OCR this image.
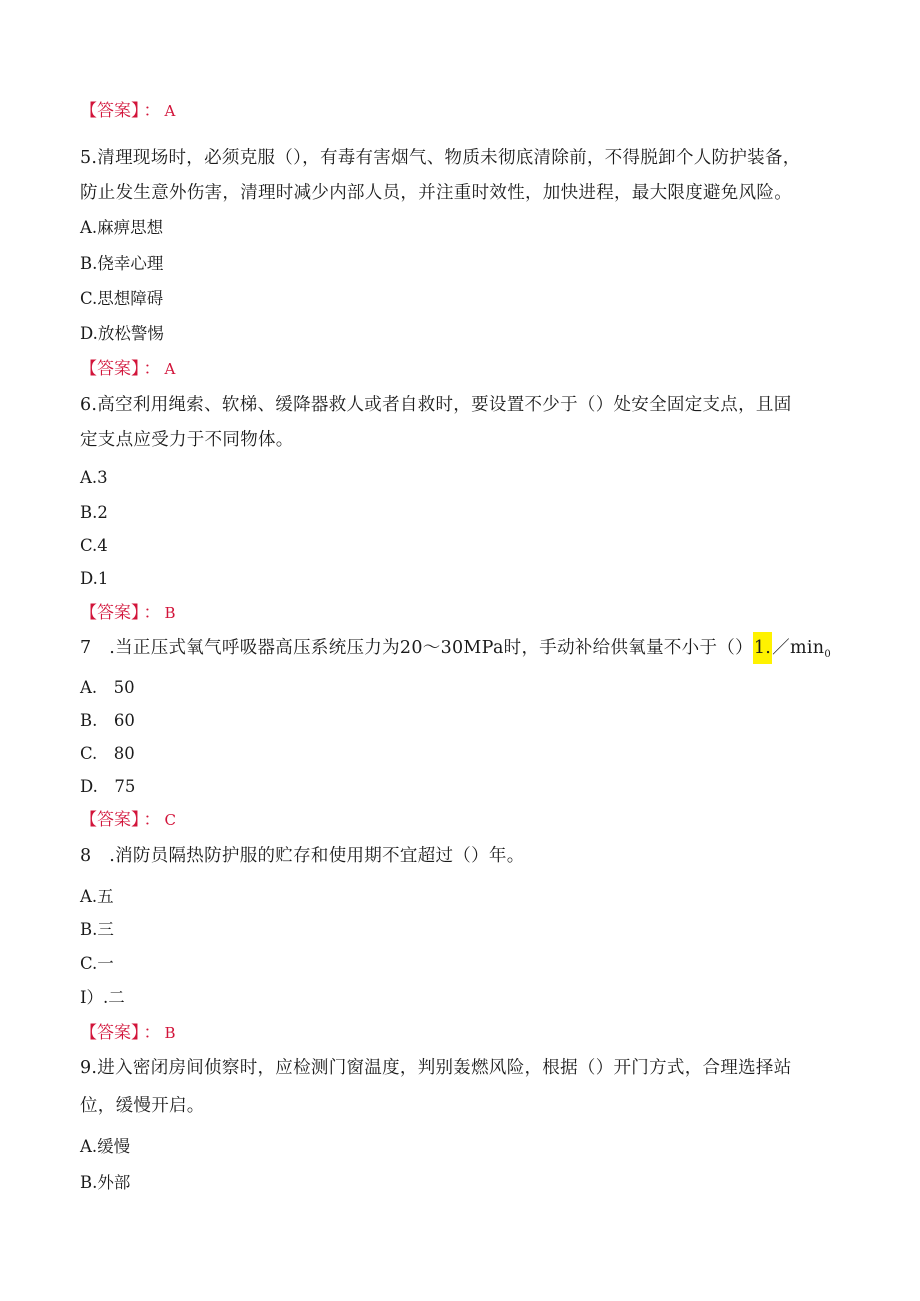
【答案】 ： A
5.清理现场时，必须克服（），有毒有害烟气、物质未彻底清除前，不得脱卸个人防护装备，
防止发生意外伤害，清理时减少内部人员，并注重时效性，加快进程，最大限度避免风险。
A.麻痹思想
B.侥幸心理
C.思想障碍
D.放松警惕
【答案】 ： A
6.高空利用绳索、软梯、缓降器救人或者自救时，要设置不少于（）处安全固定支点，且固
定支点应受力于不同物体。
A.3
B.2
C.4
D.1
【答案】 ： B
7　.当正压式氧气呼吸器高压系统压力为20～30MPa时，手动补给供氧量不小于$()1./\min_0$
A.　50
B.　60
C.　80
D.　75
【答案】 ： C
8　.消防员隔热防护服的贮存和使用期不宜超过（）年。
A.五
B.三
C.一
I）.二
【答案】 ： B
9.进入密闭房间侦察时，应检测门窗温度，判别轰燃风险，根据（）开门方式，合理选择站
位，缓慢开启。
A.缓慢
B.外部
